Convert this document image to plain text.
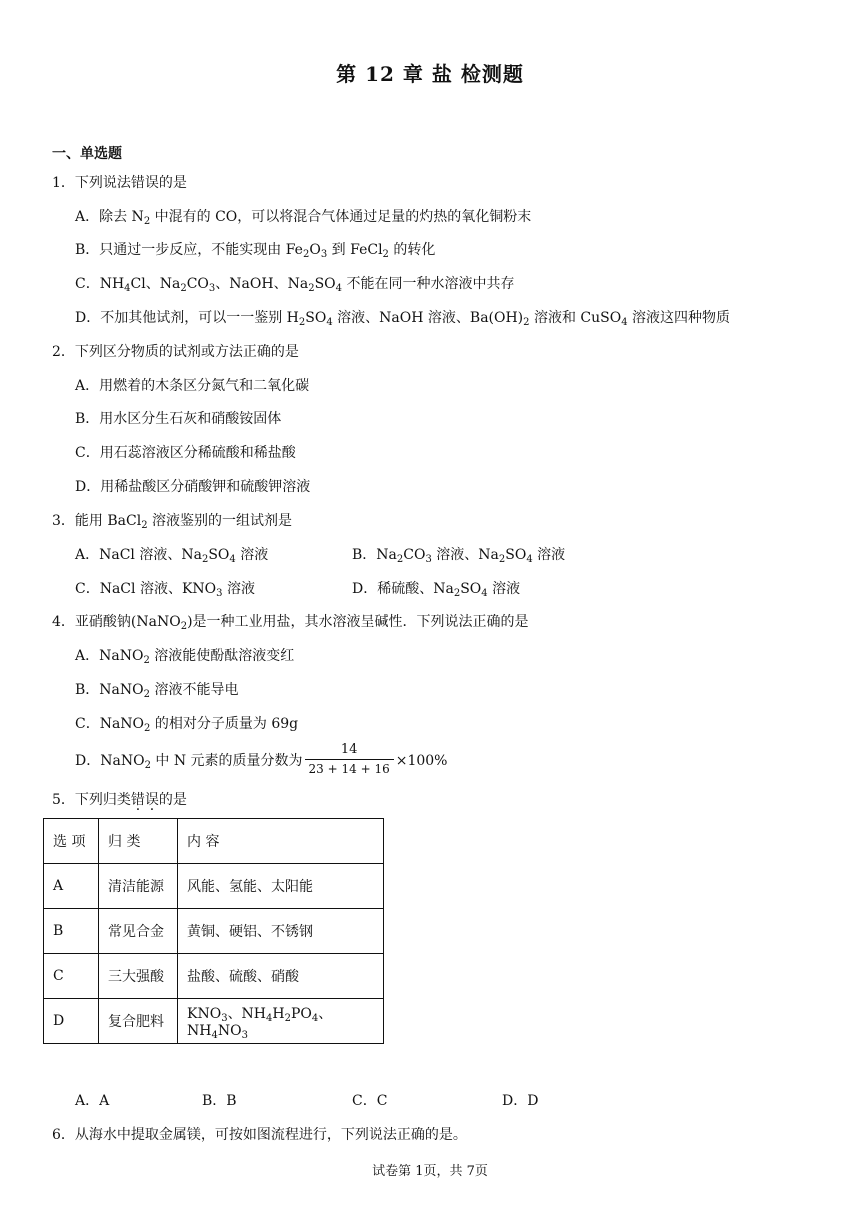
第 12 章 盐 检测题
一、单选题
1．下列说法错误的是
A．除去 $N_2$ 中混有的 CO，可以将混合气体通过足量的灼热的氧化铜粉末
B．只通过一步反应，不能实现由 $Fe_2O_3$ 到 FeCl$_2$ 的转化
C．$NH_4Cl$、$Na_2CO_3$、NaOH、$Na_2SO_4$ 不能在同一种水溶液中共存
D．不加其他试剂，可以一一鉴别 $H_2SO_4$ 溶液、NaOH 溶液、$Ba(OH)_2$ 溶液和 CuSO$_4$ 溶液这四种物质
2．下列区分物质的试剂或方法正确的是
A．用燃着的木条区分氮气和二氧化碳
B．用水区分生石灰和硝酸铵固体
C．用石蕊溶液区分稀硫酸和稀盐酸
D．用稀盐酸区分硝酸钾和硫酸钾溶液
3．能用 BaCl$_2$ 溶液鉴别的一组试剂是
A．NaCl 溶液、$Na_2SO_4$ 溶液	B．$Na_2CO_3$ 溶液、$Na_2SO_4$ 溶液
C．NaCl 溶液、$KNO_3$ 溶液	D．稀硫酸、$Na_2SO_4$ 溶液
4．亚硝酸钠(NaNO$_2$)是一种工业用盐，其水溶液呈碱性．下列说法正确的是
A．NaNO$_2$ 溶液能使酚酞溶液变红
B．NaNO$_2$ 溶液不能导电
C．NaNO$_2$ 的相对分子质量为 69g
D．NaNO$_2$ 中 N 元素的质量分数为 $\frac{14}{23 + 14 + 16} \times 100\%$
5．下列归类错误的是
选 项	归 类	内 容
A	清洁能源	风能、氢能、太阳能
B	常见合金	黄铜、硬铝、不锈钢
C	三大强酸	盐酸、硫酸、硝酸
D	复合肥料	$KNO_3$、$NH_4H_2PO_4$、$NH_4NO_3$
A．A	B．B	C．C	D．D
6．从海水中提取金属镁，可按如图流程进行，下列说法正确的是。
试卷第 1页，共 7页
